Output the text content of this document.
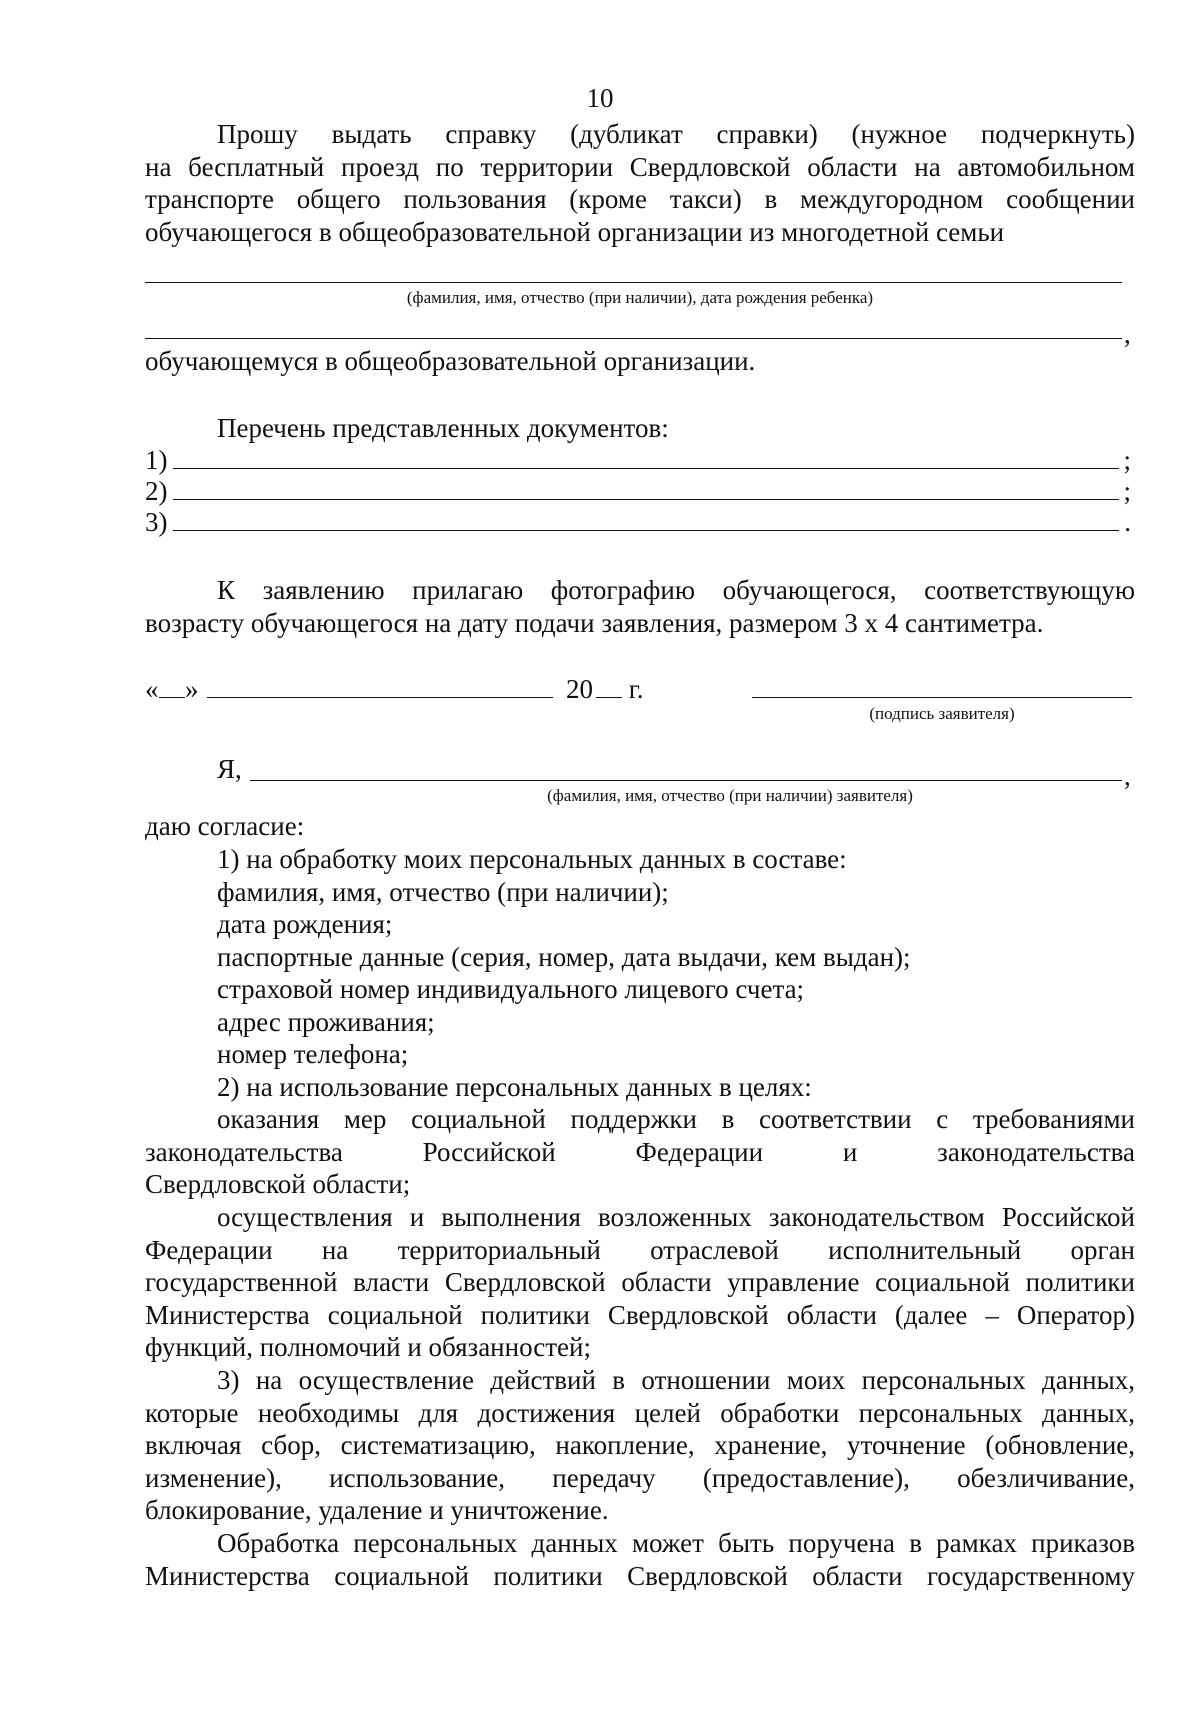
10
Прошу выдать справку (дубликат справки) (нужное подчеркнуть)
на бесплатный проезд по территории Свердловской области на автомобильном
транспорте общего пользования (кроме такси) в междугородном сообщении
обучающегося в общеобразовательной организации из многодетной семьи
(фамилия, имя, отчество (при наличии), дата рождения ребенка)
,
обучающемуся в общеобразовательной организации.
Перечень представленных документов:
1)	;
2)	;
3)	.
К заявлению прилагаю фотографию обучающегося, соответствующую
возрасту обучающегося на дату подачи заявления, размером 3 х 4 сантиметра.
« »	20 г.
(подпись заявителя)
Я,	,
(фамилия, имя, отчество (при наличии) заявителя)
даю согласие:
1) на обработку моих персональных данных в составе:
фамилия, имя, отчество (при наличии);
дата рождения;
паспортные данные (серия, номер, дата выдачи, кем выдан);
страховой номер индивидуального лицевого счета;
адрес проживания;
номер телефона;
2) на использование персональных данных в целях:
оказания мер социальной поддержки в соответствии с требованиями
законодательства Российской Федерации и законодательства
Свердловской области;
осуществления и выполнения возложенных законодательством Российской
Федерации на территориальный отраслевой исполнительный орган
государственной власти Свердловской области управление социальной политики
Министерства социальной политики Свердловской области (далее – Оператор)
функций, полномочий и обязанностей;
3) на осуществление действий в отношении моих персональных данных,
которые необходимы для достижения целей обработки персональных данных,
включая сбор, систематизацию, накопление, хранение, уточнение (обновление,
изменение), использование, передачу (предоставление), обезличивание,
блокирование, удаление и уничтожение.
Обработка персональных данных может быть поручена в рамках приказов
Министерства социальной политики Свердловской области государственному
